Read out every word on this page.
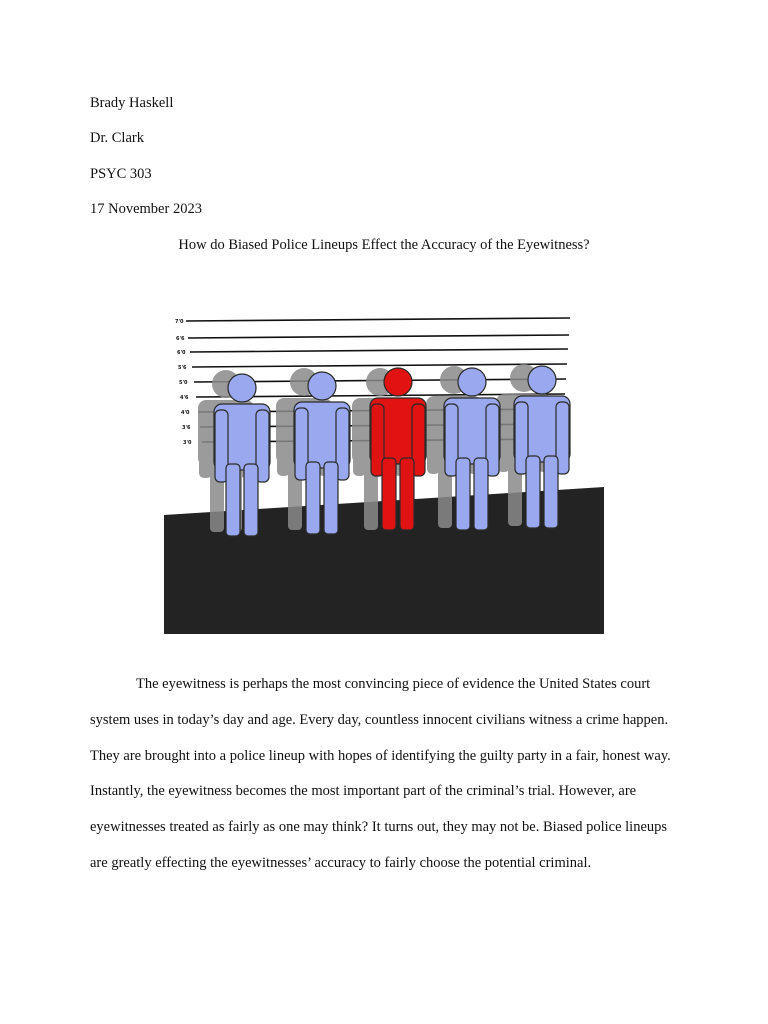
Brady Haskell

Dr. Clark

PSYC 303

17 November 2023

How do Biased Police Lineups Effect the Accuracy of the Eyewitness?

7'0
6'6
6'0
5'6
5'0
4'6
4'0
3'6
3'0

The eyewitness is perhaps the most convincing piece of evidence the United States court system uses in today’s day and age. Every day, countless innocent civilians witness a crime happen. They are brought into a police lineup with hopes of identifying the guilty party in a fair, honest way. Instantly, the eyewitness becomes the most important part of the criminal’s trial. However, are eyewitnesses treated as fairly as one may think? It turns out, they may not be. Biased police lineups are greatly effecting the eyewitnesses’ accuracy to fairly choose the potential criminal.
